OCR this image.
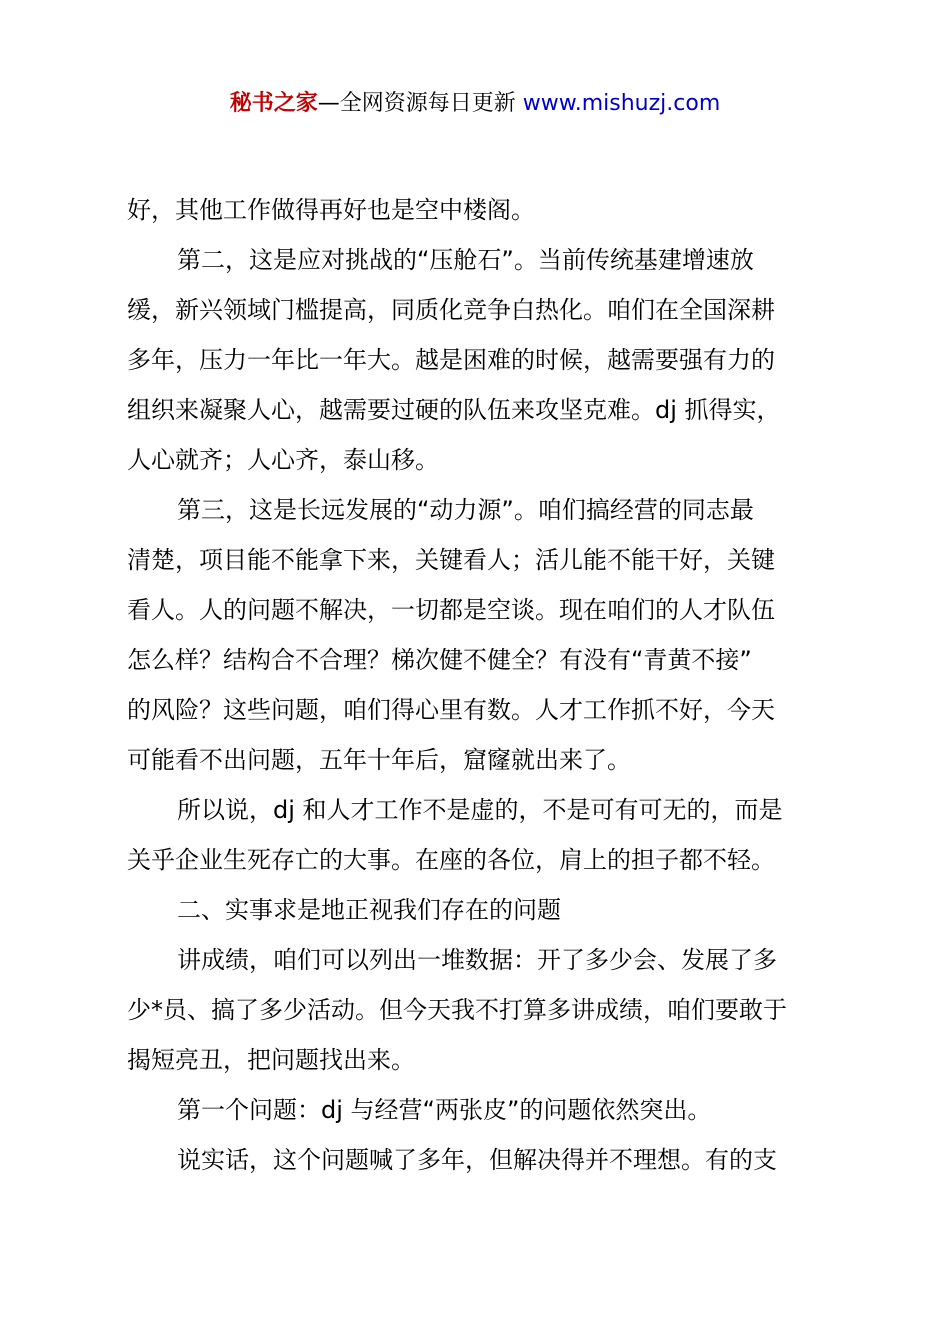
秘书之家—全网资源每日更新 www.mishuzj.com
好，其他工作做得再好也是空中楼阁。
第二，这是应对挑战的“压舱石”。当前传统基建增速放
缓，新兴领域门槛提高，同质化竞争白热化。咱们在全国深耕
多年，压力一年比一年大。越是困难的时候，越需要强有力的
组织来凝聚人心，越需要过硬的队伍来攻坚克难。dj 抓得实，
人心就齐；人心齐，泰山移。
第三，这是长远发展的“动力源”。咱们搞经营的同志最
清楚，项目能不能拿下来，关键看人；活儿能不能干好，关键
看人。人的问题不解决，一切都是空谈。现在咱们的人才队伍
怎么样？结构合不合理？梯次健不健全？有没有“青黄不接”
的风险？这些问题，咱们得心里有数。人才工作抓不好，今天
可能看不出问题，五年十年后，窟窿就出来了。
所以说，dj 和人才工作不是虚的，不是可有可无的，而是
关乎企业生死存亡的大事。在座的各位，肩上的担子都不轻。
二、实事求是地正视我们存在的问题
讲成绩，咱们可以列出一堆数据：开了多少会、发展了多
少*员、搞了多少活动。但今天我不打算多讲成绩，咱们要敢于
揭短亮丑，把问题找出来。
第一个问题：dj 与经营“两张皮”的问题依然突出。
说实话，这个问题喊了多年，但解决得并不理想。有的支
